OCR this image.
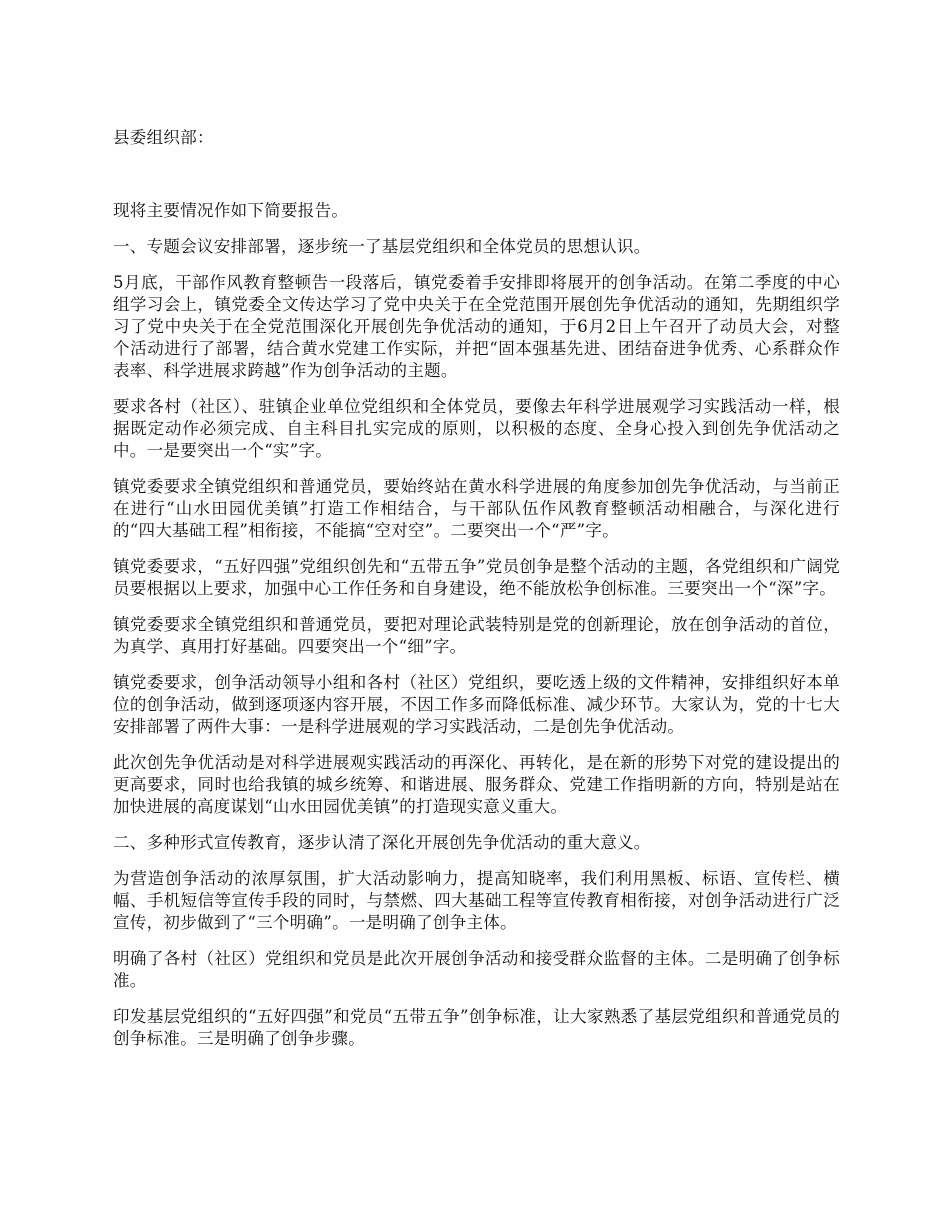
县委组织部：

现将主要情况作如下简要报告。

一、专题会议安排部署，逐步统一了基层党组织和全体党员的思想认识。

5月底，干部作风教育整顿告一段落后，镇党委着手安排即将展开的创争活动。在第二季度的中心组学习会上，镇党委全文传达学习了党中央关于在全党范围开展创先争优活动的通知，先期组织学习了党中央关于在全党范围深化开展创先争优活动的通知，于6月2日上午召开了动员大会，对整个活动进行了部署，结合黄水党建工作实际，并把“固本强基先进、团结奋进争优秀、心系群众作表率、科学进展求跨越”作为创争活动的主题。

要求各村（社区）、驻镇企业单位党组织和全体党员，要像去年科学进展观学习实践活动一样，根据既定动作必须完成、自主科目扎实完成的原则，以积极的态度、全身心投入到创先争优活动之中。一是要突出一个“实”字。

镇党委要求全镇党组织和普通党员，要始终站在黄水科学进展的角度参加创先争优活动，与当前正在进行“山水田园优美镇”打造工作相结合，与干部队伍作风教育整顿活动相融合，与深化进行的“四大基础工程”相衔接，不能搞“空对空”。二要突出一个“严”字。

镇党委要求，“五好四强”党组织创先和“五带五争”党员创争是整个活动的主题，各党组织和广阔党员要根据以上要求，加强中心工作任务和自身建设，绝不能放松争创标准。三要突出一个“深”字。

镇党委要求全镇党组织和普通党员，要把对理论武装特别是党的创新理论，放在创争活动的首位，为真学、真用打好基础。四要突出一个“细”字。

镇党委要求，创争活动领导小组和各村（社区）党组织，要吃透上级的文件精神，安排组织好本单位的创争活动，做到逐项逐内容开展，不因工作多而降低标准、减少环节。大家认为，党的十七大安排部署了两件大事：一是科学进展观的学习实践活动，二是创先争优活动。

此次创先争优活动是对科学进展观实践活动的再深化、再转化，是在新的形势下对党的建设提出的更高要求，同时也给我镇的城乡统筹、和谐进展、服务群众、党建工作指明新的方向，特别是站在加快进展的高度谋划“山水田园优美镇”的打造现实意义重大。

二、多种形式宣传教育，逐步认清了深化开展创先争优活动的重大意义。

为营造创争活动的浓厚氛围，扩大活动影响力，提高知晓率，我们利用黑板、标语、宣传栏、横幅、手机短信等宣传手段的同时，与禁燃、四大基础工程等宣传教育相衔接，对创争活动进行广泛宣传，初步做到了“三个明确”。一是明确了创争主体。

明确了各村（社区）党组织和党员是此次开展创争活动和接受群众监督的主体。二是明确了创争标准。

印发基层党组织的“五好四强”和党员“五带五争”创争标准，让大家熟悉了基层党组织和普通党员的创争标准。三是明确了创争步骤。
